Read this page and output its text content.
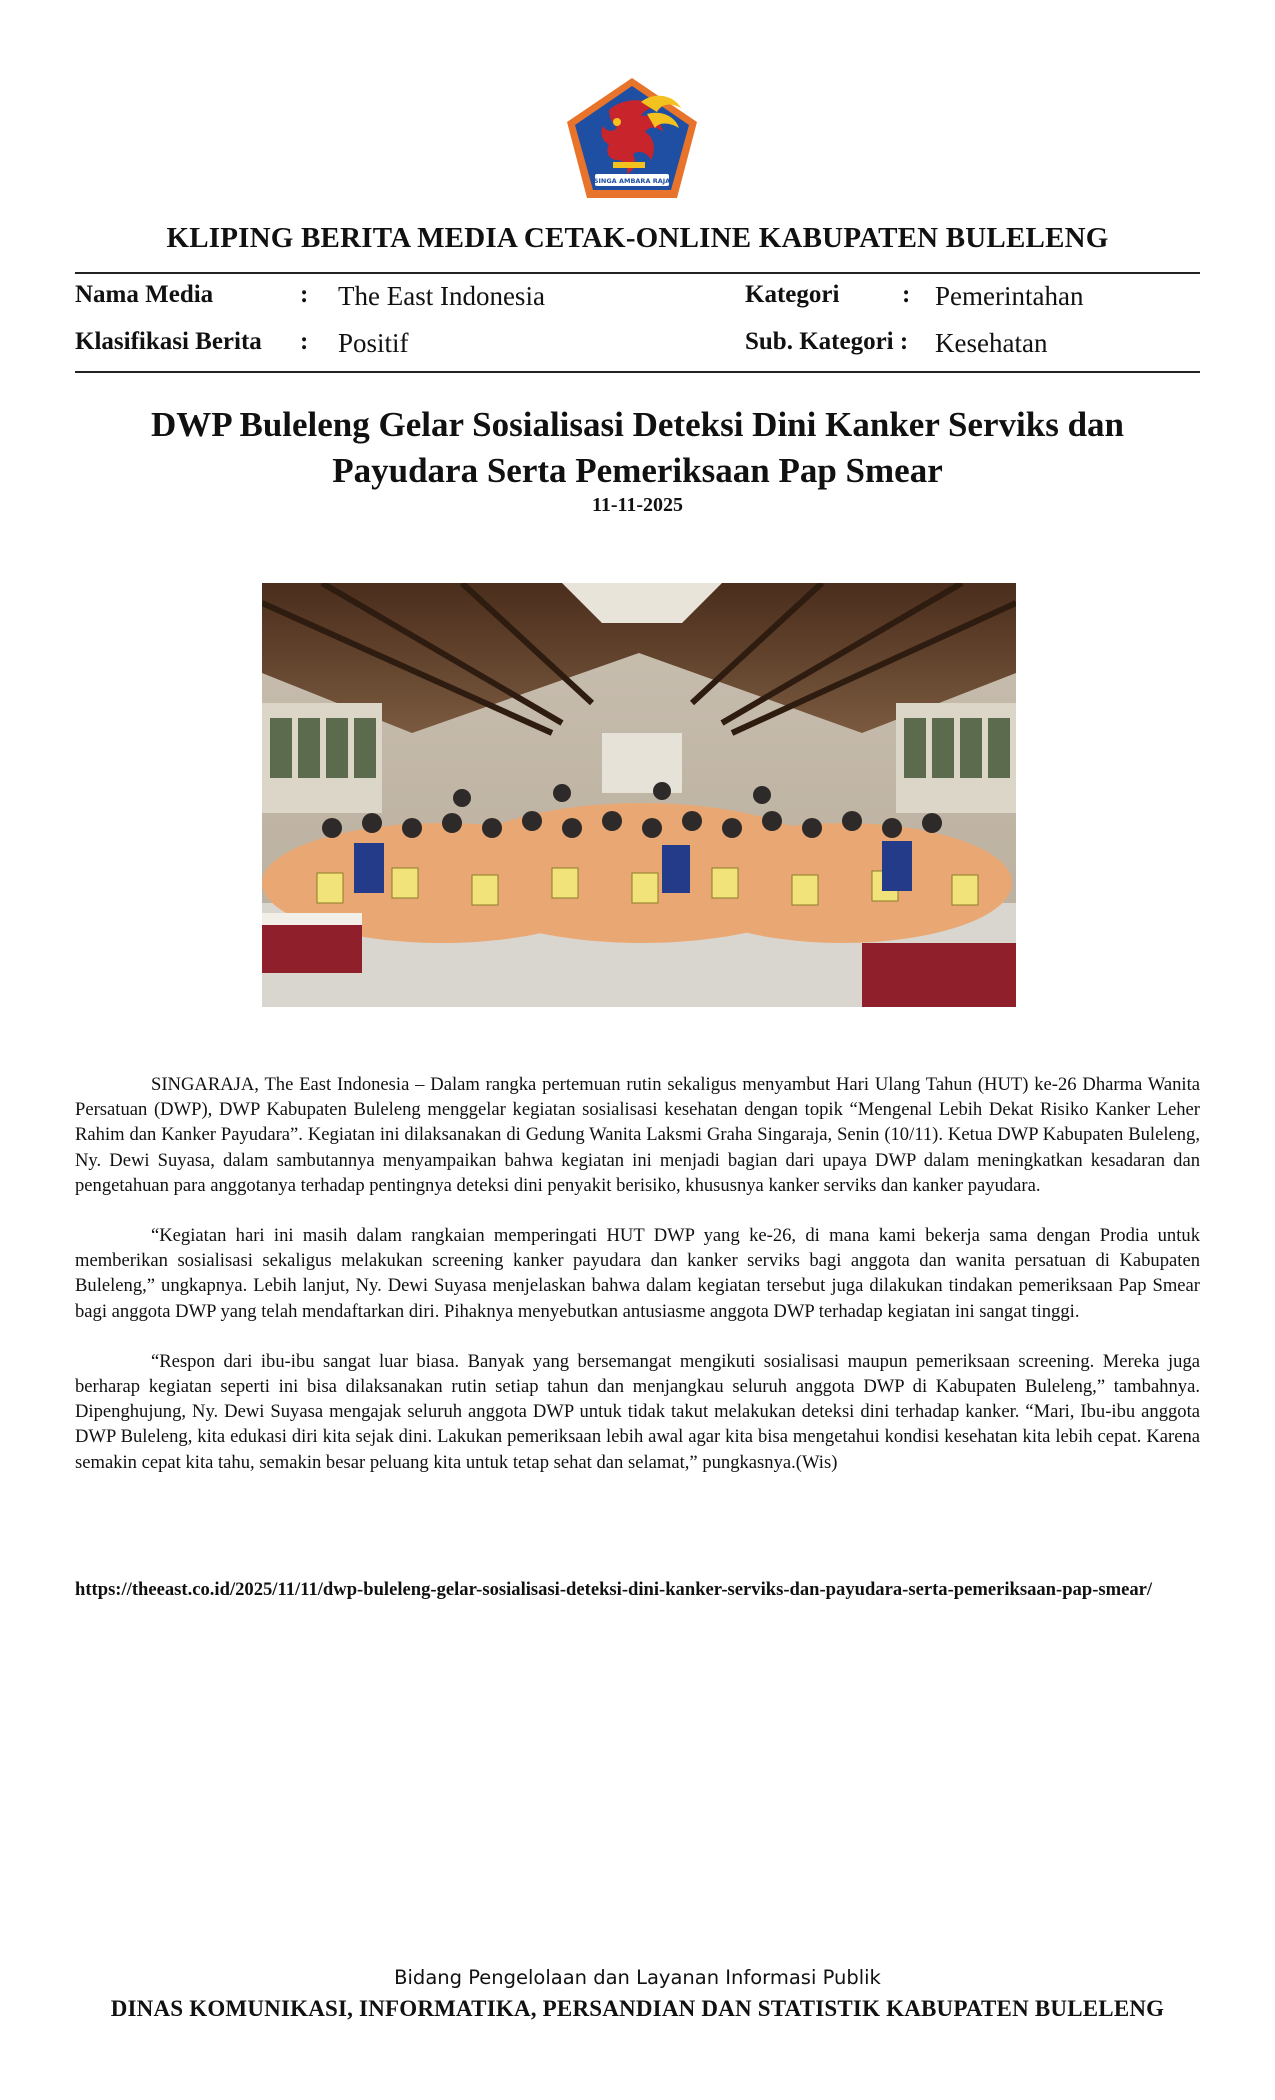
SINGA AMBARA RAJA
KLIPING BERITA MEDIA CETAK-ONLINE KABUPATEN BULELENG
Nama Media	: The East Indonesia	Kategori	: Pemerintahan
Klasifikasi Berita : Positif	Sub. Kategori : Kesehatan
DWP Buleleng Gelar Sosialisasi Deteksi Dini Kanker Serviks dan
Payudara Serta Pemeriksaan Pap Smear
11-11-2025

SINGARAJA, The East Indonesia – Dalam rangka pertemuan rutin sekaligus menyambut Hari Ulang Tahun (HUT) ke-26 Dharma Wanita Persatuan (DWP), DWP Kabupaten Buleleng menggelar kegiatan sosialisasi kesehatan dengan topik “Mengenal Lebih Dekat Risiko Kanker Leher Rahim dan Kanker Payudara”. Kegiatan ini dilaksanakan di Gedung Wanita Laksmi Graha Singaraja, Senin (10/11). Ketua DWP Kabupaten Buleleng, Ny. Dewi Suyasa, dalam sambutannya menyampaikan bahwa kegiatan ini menjadi bagian dari upaya DWP dalam meningkatkan kesadaran dan pengetahuan para anggotanya terhadap pentingnya deteksi dini penyakit berisiko, khususnya kanker serviks dan kanker payudara.

“Kegiatan hari ini masih dalam rangkaian memperingati HUT DWP yang ke-26, di mana kami bekerja sama dengan Prodia untuk memberikan sosialisasi sekaligus melakukan screening kanker payudara dan kanker serviks bagi anggota dan wanita persatuan di Kabupaten Buleleng,” ungkapnya. Lebih lanjut, Ny. Dewi Suyasa menjelaskan bahwa dalam kegiatan tersebut juga dilakukan tindakan pemeriksaan Pap Smear bagi anggota DWP yang telah mendaftarkan diri. Pihaknya menyebutkan antusiasme anggota DWP terhadap kegiatan ini sangat tinggi.

“Respon dari ibu-ibu sangat luar biasa. Banyak yang bersemangat mengikuti sosialisasi maupun pemeriksaan screening. Mereka juga berharap kegiatan seperti ini bisa dilaksanakan rutin setiap tahun dan menjangkau seluruh anggota DWP di Kabupaten Buleleng,” tambahnya. Dipenghujung, Ny. Dewi Suyasa mengajak seluruh anggota DWP untuk tidak takut melakukan deteksi dini terhadap kanker. “Mari, Ibu-ibu anggota DWP Buleleng, kita edukasi diri kita sejak dini. Lakukan pemeriksaan lebih awal agar kita bisa mengetahui kondisi kesehatan kita lebih cepat. Karena semakin cepat kita tahu, semakin besar peluang kita untuk tetap sehat dan selamat,” pungkasnya.(Wis)

https://theeast.co.id/2025/11/11/dwp-buleleng-gelar-sosialisasi-deteksi-dini-kanker-serviks-dan-payudara-serta-pemeriksaan-pap-smear/
Bidang Pengelolaan dan Layanan Informasi Publik
DINAS KOMUNIKASI, INFORMATIKA, PERSANDIAN DAN STATISTIK KABUPATEN BULELENG
